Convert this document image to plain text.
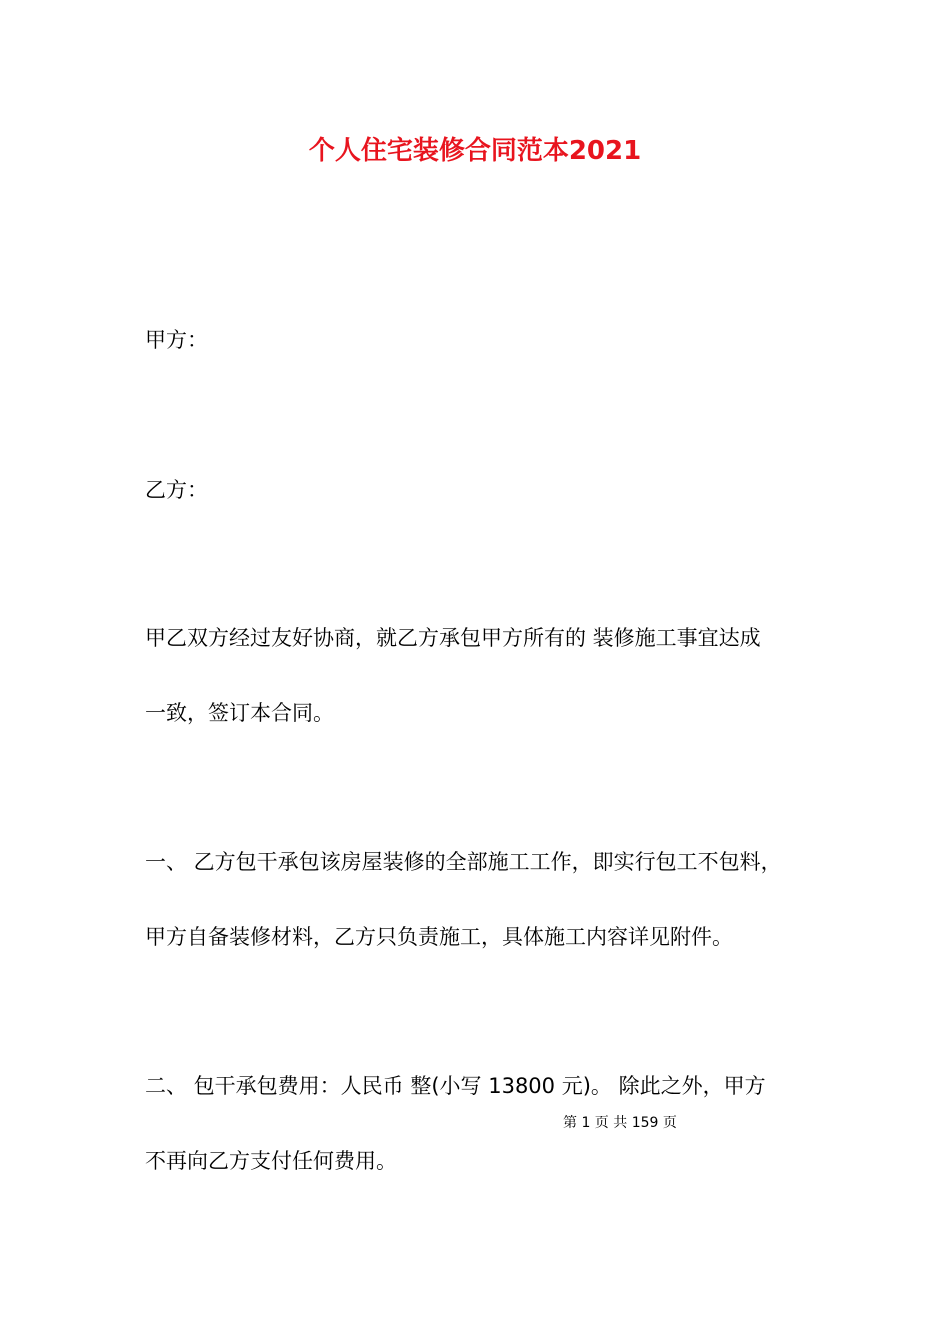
个人住宅装修合同范本2021
甲方：
乙方：
甲乙双方经过友好协商，就乙方承包甲方所有的 装修施工事宜达成
一致，签订本合同。
一、 乙方包干承包该房屋装修的全部施工工作，即实行包工不包料，
甲方自备装修材料，乙方只负责施工，具体施工内容详见附件。
二、 包干承包费用：人民币 整(小写 13800 元)。 除此之外，甲方
第 1 页 共 159 页
不再向乙方支付任何费用。
